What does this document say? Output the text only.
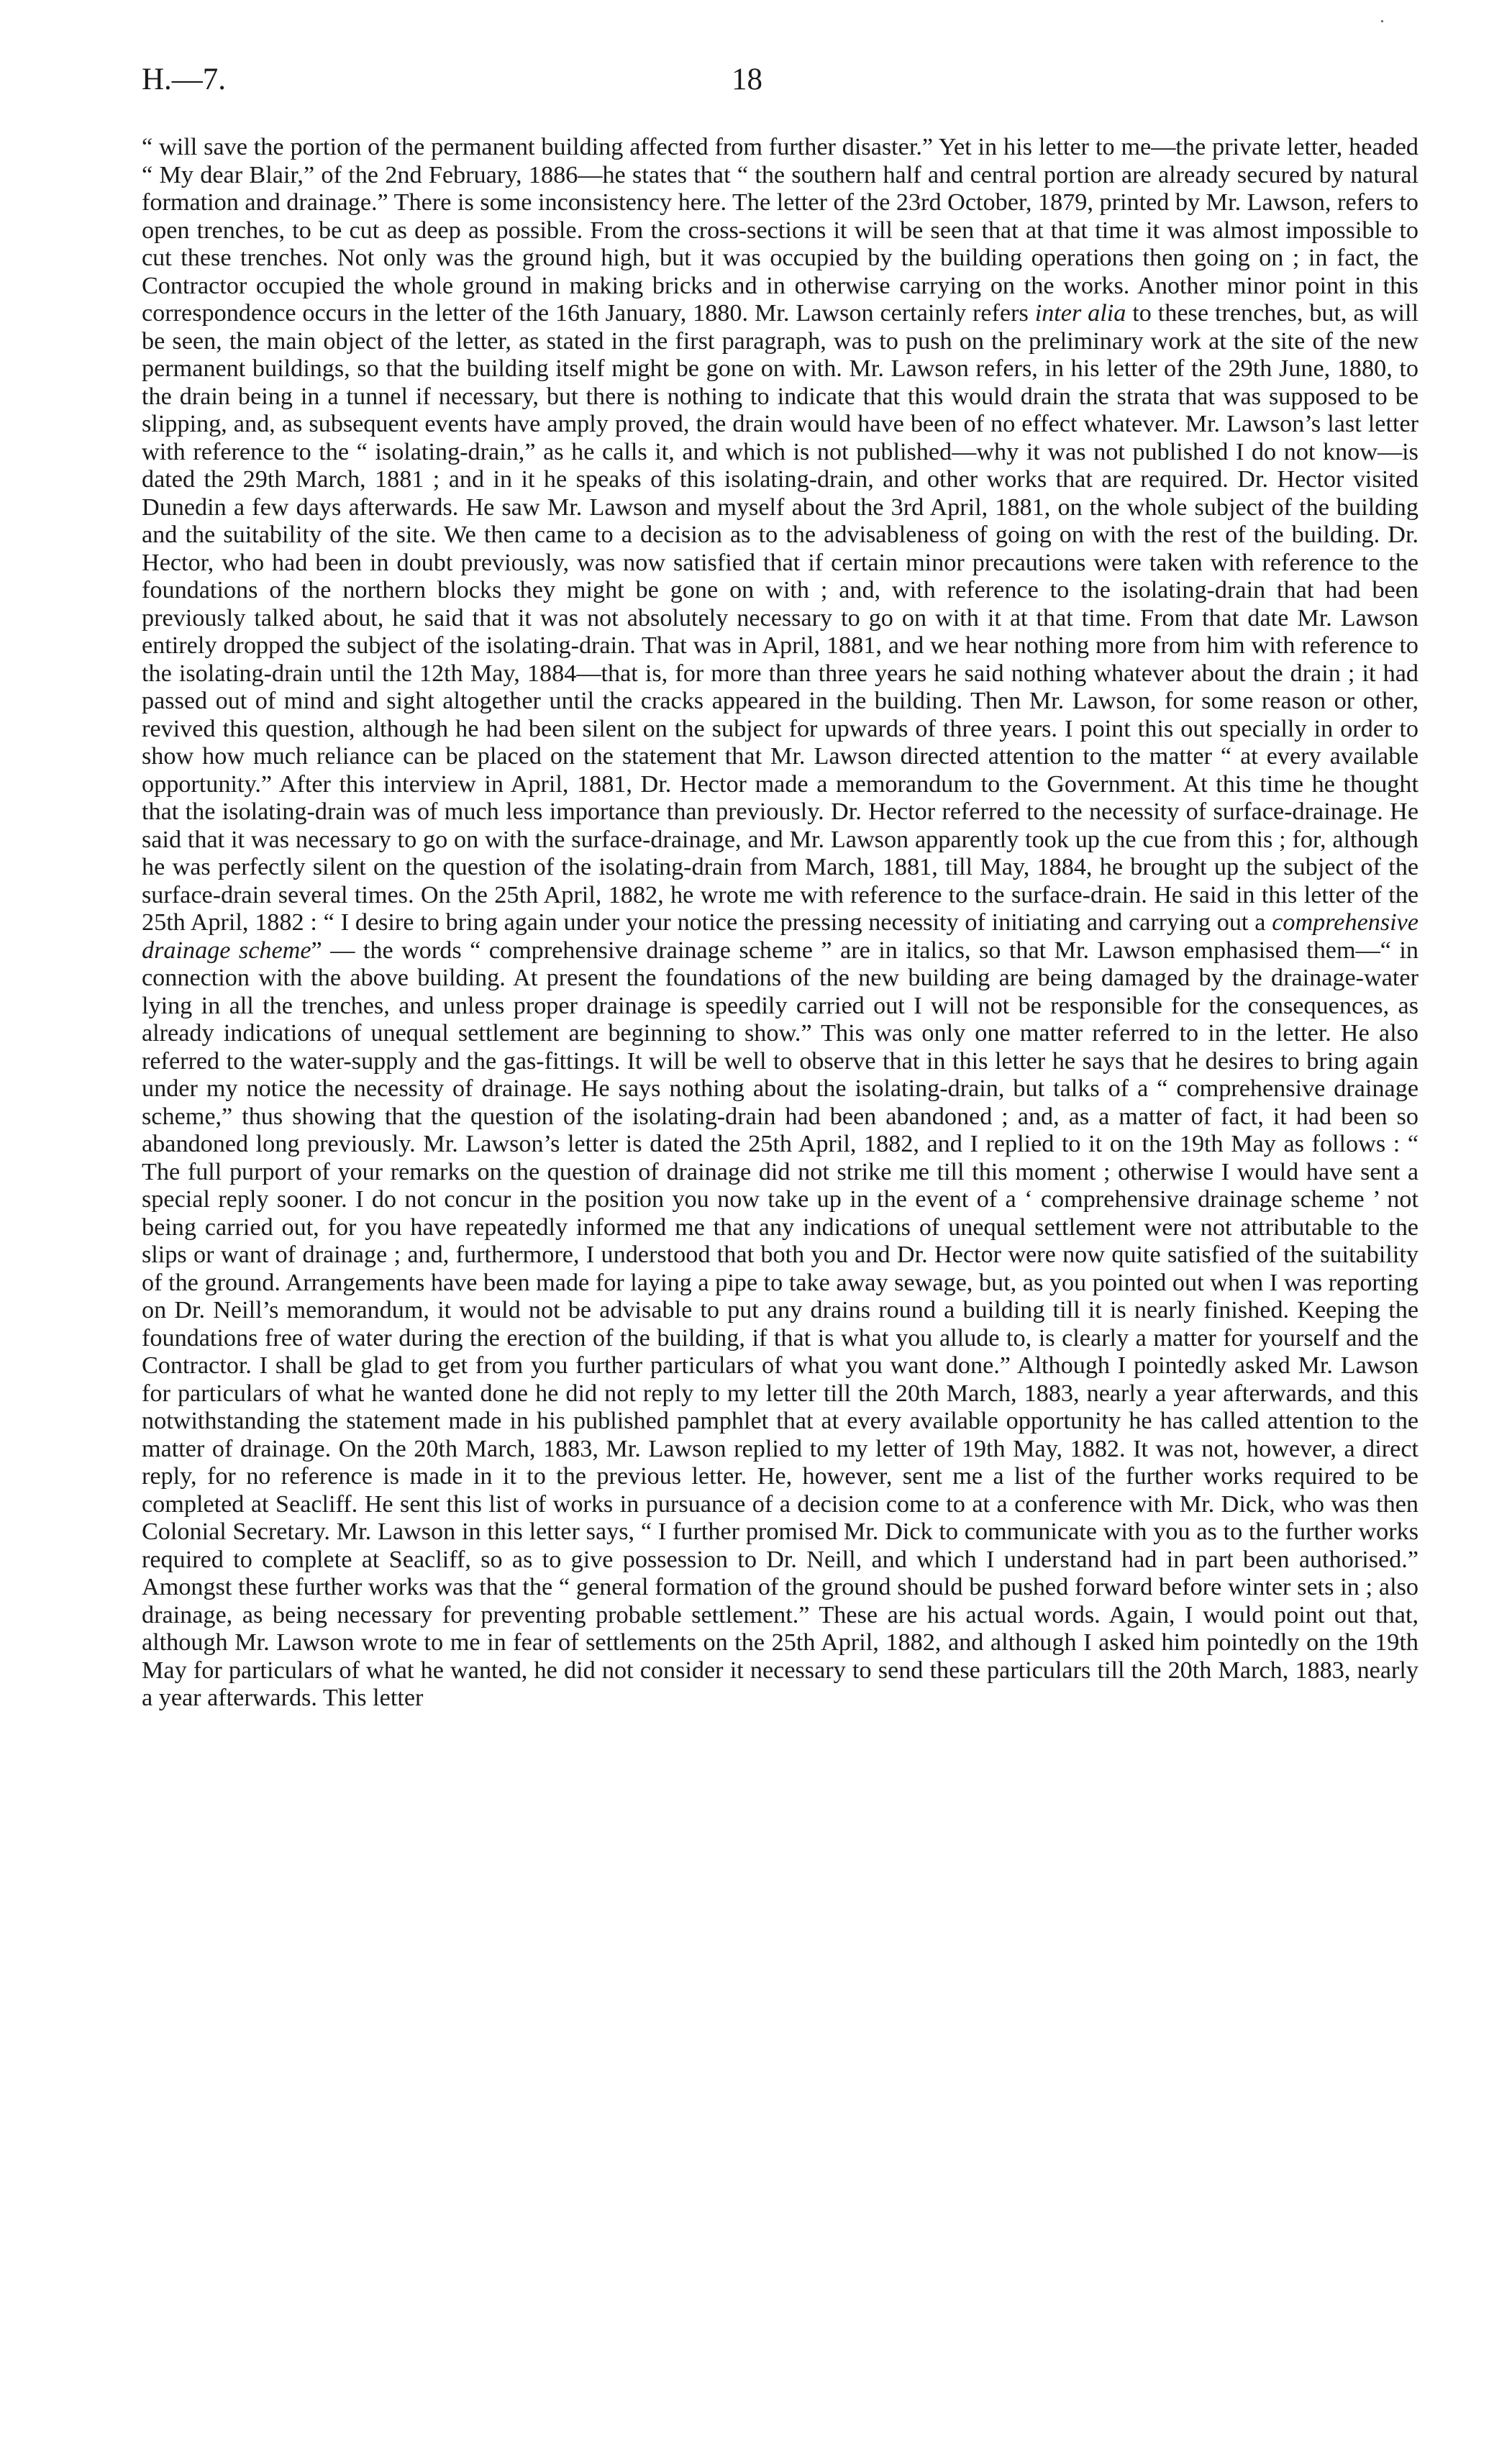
H.—7.	18

“ will save the portion of the permanent building affected from further disaster.” Yet in his letter to me—the private letter, headed “ My dear Blair,” of the 2nd February, 1886—he states that “ the southern half and central portion are already secured by natural formation and drainage.” There is some inconsistency here. The letter of the 23rd October, 1879, printed by Mr. Lawson, refers to open trenches, to be cut as deep as possible. From the cross-sections it will be seen that at that time it was almost impossible to cut these trenches. Not only was the ground high, but it was occupied by the building operations then going on ; in fact, the Contractor occupied the whole ground in making bricks and in otherwise carrying on the works. Another minor point in this correspondence occurs in the letter of the 16th January, 1880. Mr. Lawson certainly refers inter alia to these trenches, but, as will be seen, the main object of the letter, as stated in the first paragraph, was to push on the preliminary work at the site of the new permanent buildings, so that the building itself might be gone on with. Mr. Lawson refers, in his letter of the 29th June, 1880, to the drain being in a tunnel if necessary, but there is nothing to indicate that this would drain the strata that was supposed to be slipping, and, as subsequent events have amply proved, the drain would have been of no effect whatever. Mr. Lawson’s last letter with reference to the “ isolating-drain,” as he calls it, and which is not published—why it was not published I do not know—is dated the 29th March, 1881 ; and in it he speaks of this isolating-drain, and other works that are required. Dr. Hector visited Dunedin a few days afterwards. He saw Mr. Lawson and myself about the 3rd April, 1881, on the whole subject of the building and the suitability of the site. We then came to a decision as to the advisableness of going on with the rest of the building. Dr. Hector, who had been in doubt previously, was now satisfied that if certain minor precautions were taken with reference to the foundations of the northern blocks they might be gone on with ; and, with reference to the isolating-drain that had been previously talked about, he said that it was not absolutely necessary to go on with it at that time. From that date Mr. Lawson entirely dropped the subject of the isolating-drain. That was in April, 1881, and we hear nothing more from him with reference to the isolating-drain until the 12th May, 1884—that is, for more than three years he said nothing whatever about the drain ; it had passed out of mind and sight altogether until the cracks appeared in the building. Then Mr. Lawson, for some reason or other, revived this question, although he had been silent on the subject for upwards of three years. I point this out specially in order to show how much reliance can be placed on the statement that Mr. Lawson directed attention to the matter “ at every available opportunity.” After this interview in April, 1881, Dr. Hector made a memorandum to the Government. At this time he thought that the isolating-drain was of much less importance than previously. Dr. Hector referred to the necessity of surface-drainage. He said that it was necessary to go on with the surface-drainage, and Mr. Lawson apparently took up the cue from this ; for, although he was perfectly silent on the question of the isolating-drain from March, 1881, till May, 1884, he brought up the subject of the surface-drain several times. On the 25th April, 1882, he wrote me with reference to the surface-drain. He said in this letter of the 25th April, 1882 : “ I desire to bring again under your notice the pressing necessity of initiating and carrying out a comprehensive drainage scheme” — the words “ comprehensive drainage scheme ” are in italics, so that Mr. Lawson emphasised them—“ in connection with the above building. At present the foundations of the new building are being damaged by the drainage-water lying in all the trenches, and unless proper drainage is speedily carried out I will not be responsible for the consequences, as already indications of unequal settlement are beginning to show.” This was only one matter referred to in the letter. He also referred to the water-supply and the gas-fittings. It will be well to observe that in this letter he says that he desires to bring again under my notice the necessity of drainage. He says nothing about the isolating-drain, but talks of a “ comprehensive drainage scheme,” thus showing that the question of the isolating-drain had been abandoned ; and, as a matter of fact, it had been so abandoned long previously. Mr. Lawson’s letter is dated the 25th April, 1882, and I replied to it on the 19th May as follows : “ The full purport of your remarks on the question of drainage did not strike me till this moment ; otherwise I would have sent a special reply sooner. I do not concur in the position you now take up in the event of a ‘ comprehensive drainage scheme ’ not being carried out, for you have repeatedly informed me that any indications of unequal settlement were not attributable to the slips or want of drainage ; and, furthermore, I understood that both you and Dr. Hector were now quite satisfied of the suitability of the ground. Arrangements have been made for laying a pipe to take away sewage, but, as you pointed out when I was reporting on Dr. Neill’s memorandum, it would not be advisable to put any drains round a building till it is nearly finished. Keeping the foundations free of water during the erection of the building, if that is what you allude to, is clearly a matter for yourself and the Contractor. I shall be glad to get from you further particulars of what you want done.” Although I pointedly asked Mr. Lawson for particulars of what he wanted done he did not reply to my letter till the 20th March, 1883, nearly a year afterwards, and this notwithstanding the statement made in his published pamphlet that at every available opportunity he has called attention to the matter of drainage. On the 20th March, 1883, Mr. Lawson replied to my letter of 19th May, 1882. It was not, however, a direct reply, for no reference is made in it to the previous letter. He, however, sent me a list of the further works required to be completed at Seacliff. He sent this list of works in pursuance of a decision come to at a conference with Mr. Dick, who was then Colonial Secretary. Mr. Lawson in this letter says, “ I further promised Mr. Dick to communicate with you as to the further works required to complete at Seacliff, so as to give possession to Dr. Neill, and which I understand had in part been authorised.” Amongst these further works was that the “ general formation of the ground should be pushed forward before winter sets in ; also drainage, as being necessary for preventing probable settlement.” These are his actual words. Again, I would point out that, although Mr. Lawson wrote to me in fear of settlements on the 25th April, 1882, and although I asked him pointedly on the 19th May for particulars of what he wanted, he did not consider it necessary to send these particulars till the 20th March, 1883, nearly a year afterwards. This letter
